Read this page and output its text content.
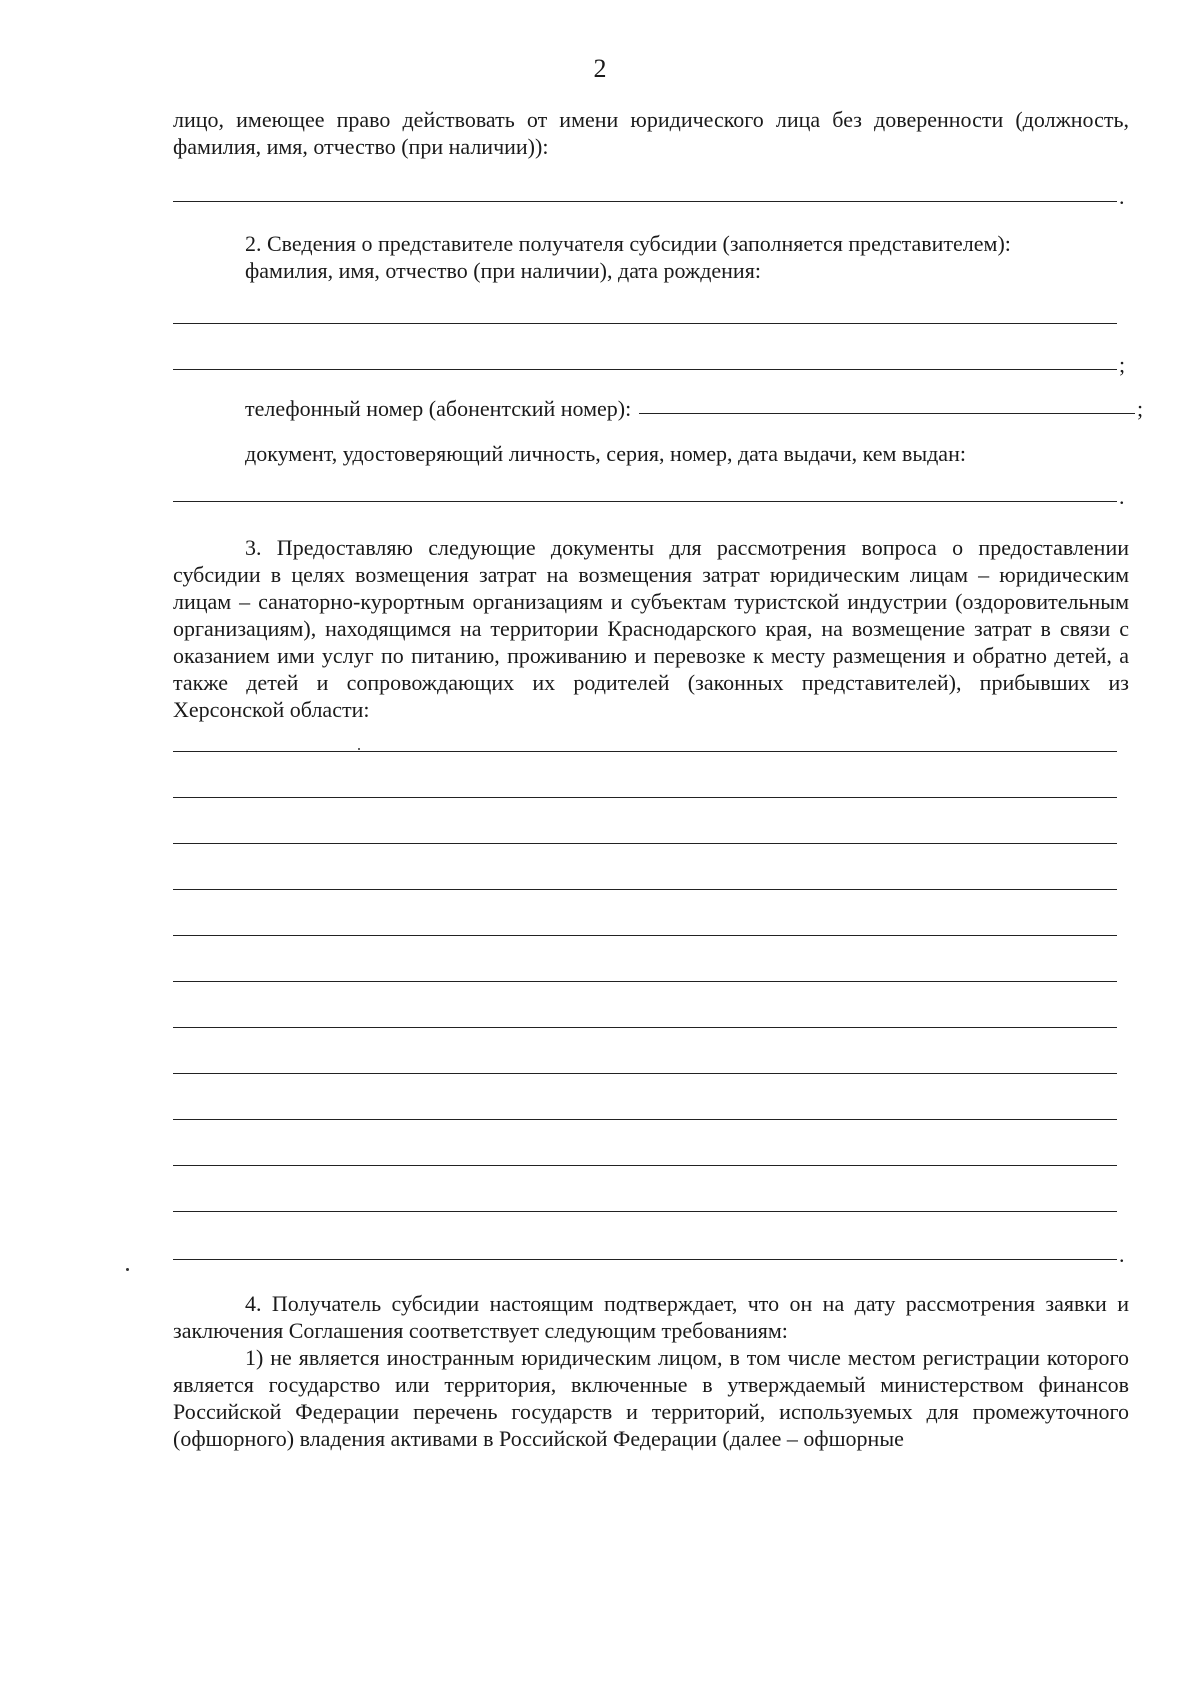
2
лицо, имеющее право действовать от имени юридического лица без доверенности (должность, фамилия, имя, отчество (при наличии)):
.
2. Сведения о представителе получателя субсидии (заполняется представителем):
фамилия, имя, отчество (при наличии), дата рождения:
;
телефонный номер (абонентский номер):	;
документ, удостоверяющий личность, серия, номер, дата выдачи, кем выдан:
.
3. Предоставляю следующие документы для рассмотрения вопроса о предоставлении субсидии в целях возмещения затрат на возмещения затрат юридическим лицам – юридическим лицам – санаторно-курортным организациям и субъектам туристской индустрии (оздоровительным организациям), находящимся на территории Краснодарского края, на возмещение затрат в связи с оказанием ими услуг по питанию, проживанию и перевозке к месту размещения и обратно детей, а также детей и сопровождающих их родителей (законных представителей), прибывших из Херсонской области:
.
4. Получатель субсидии настоящим подтверждает, что он на дату рассмотрения заявки и заключения Соглашения соответствует следующим требованиям:
1) не является иностранным юридическим лицом, в том числе местом регистрации которого является государство или территория, включенные в утверждаемый министерством финансов Российской Федерации перечень государств и территорий, используемых для промежуточного (офшорного) владения активами в Российской Федерации (далее – офшорные
